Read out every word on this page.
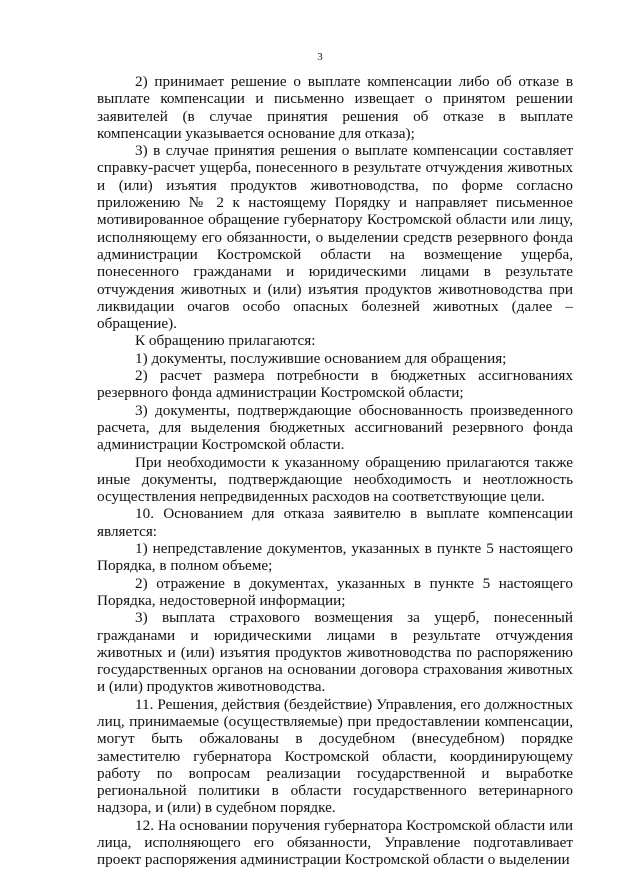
3

2) принимает решение о выплате компенсации либо об отказе в выплате компенсации и письменно извещает о принятом решении заявителей (в случае принятия решения об отказе в выплате компенсации указывается основание для отказа);

3) в случае принятия решения о выплате компенсации составляет справку-расчет ущерба, понесенного в результате отчуждения животных и (или) изъятия продуктов животноводства, по форме согласно приложению № 2 к настоящему Порядку и направляет письменное мотивированное обращение губернатору Костромской области или лицу, исполняющему его обязанности, о выделении средств резервного фонда администрации Костромской области на возмещение ущерба, понесенного гражданами и юридическими лицами в результате отчуждения животных и (или) изъятия продуктов животноводства при ликвидации очагов особо опасных болезней животных (далее – обращение).

К обращению прилагаются:

1) документы, послужившие основанием для обращения;

2) расчет размера потребности в бюджетных ассигнованиях резервного фонда администрации Костромской области;

3) документы, подтверждающие обоснованность произведенного расчета, для выделения бюджетных ассигнований резервного фонда администрации Костромской области.

При необходимости к указанному обращению прилагаются также иные документы, подтверждающие необходимость и неотложность осуществления непредвиденных расходов на соответствующие цели.

10. Основанием для отказа заявителю в выплате компенсации является:

1) непредставление документов, указанных в пункте 5 настоящего Порядка, в полном объеме;

2) отражение в документах, указанных в пункте 5 настоящего Порядка, недостоверной информации;

3) выплата страхового возмещения за ущерб, понесенный гражданами и юридическими лицами в результате отчуждения животных и (или) изъятия продуктов животноводства по распоряжению государственных органов на основании договора страхования животных и (или) продуктов животноводства.

11. Решения, действия (бездействие) Управления, его должностных лиц, принимаемые (осуществляемые) при предоставлении компенсации, могут быть обжалованы в досудебном (внесудебном) порядке заместителю губернатора Костромской области, координирующему работу по вопросам реализации государственной и выработке региональной политики в области государственного ветеринарного надзора, и (или) в судебном порядке.

12. На основании поручения губернатора Костромской области или лица, исполняющего его обязанности, Управление подготавливает проект распоряжения администрации Костромской области о выделении
